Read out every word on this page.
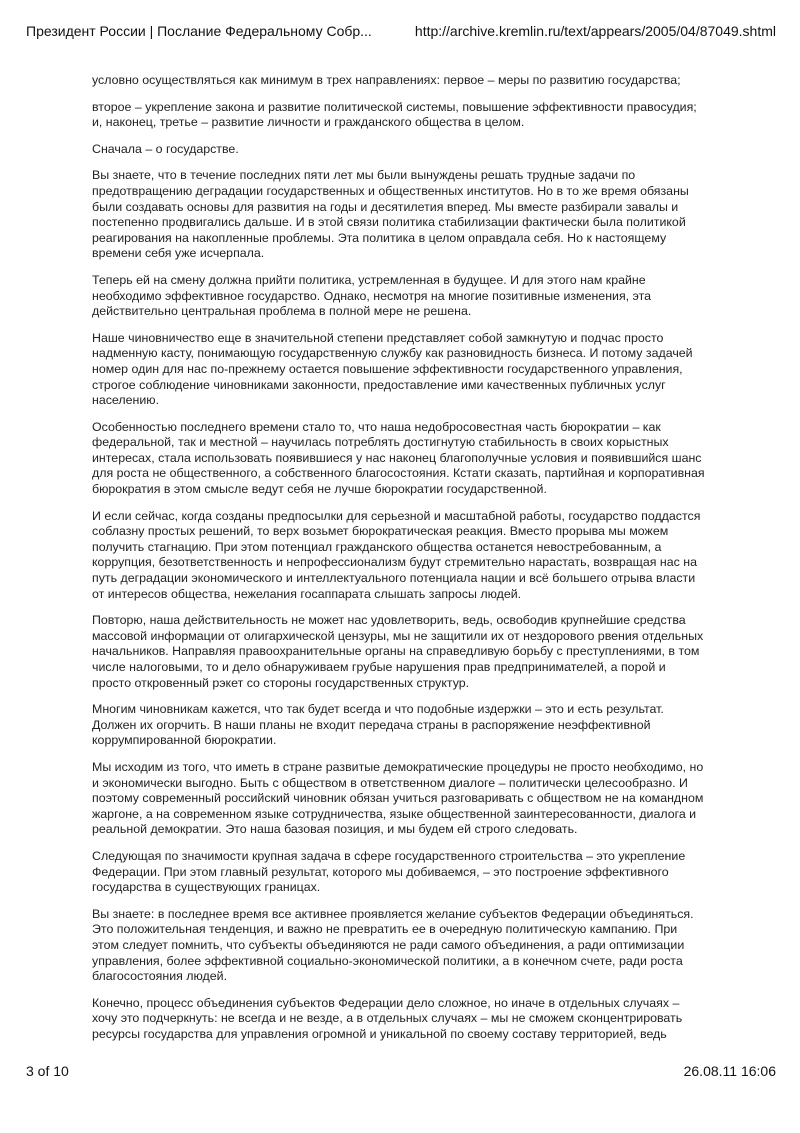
Президент России | Послание Федеральному Собр...	http://archive.kremlin.ru/text/appears/2005/04/87049.shtml

условно осуществляться как минимум в трех направлениях: первое – меры по развитию государства;

второе – укрепление закона и развитие политической системы, повышение эффективности правосудия; и, наконец, третье – развитие личности и гражданского общества в целом.

Сначала – о государстве.

Вы знаете, что в течение последних пяти лет мы были вынуждены решать трудные задачи по предотвращению деградации государственных и общественных институтов. Но в то же время обязаны были создавать основы для развития на годы и десятилетия вперед. Мы вместе разбирали завалы и постепенно продвигались дальше. И в этой связи политика стабилизации фактически была политикой реагирования на накопленные проблемы. Эта политика в целом оправдала себя. Но к настоящему времени себя уже исчерпала.

Теперь ей на смену должна прийти политика, устремленная в будущее. И для этого нам крайне необходимо эффективное государство. Однако, несмотря на многие позитивные изменения, эта действительно центральная проблема в полной мере не решена.

Наше чиновничество еще в значительной степени представляет собой замкнутую и подчас просто надменную касту, понимающую государственную службу как разновидность бизнеса. И потому задачей номер один для нас по-прежнему остается повышение эффективности государственного управления, строгое соблюдение чиновниками законности, предоставление ими качественных публичных услуг населению.

Особенностью последнего времени стало то, что наша недобросовестная часть бюрократии – как федеральной, так и местной – научилась потреблять достигнутую стабильность в своих корыстных интересах, стала использовать появившиеся у нас наконец благополучные условия и появившийся шанс для роста не общественного, а собственного благосостояния. Кстати сказать, партийная и корпоративная бюрократия в этом смысле ведут себя не лучше бюрократии государственной.

И если сейчас, когда созданы предпосылки для серьезной и масштабной работы, государство поддастся соблазну простых решений, то верх возьмет бюрократическая реакция. Вместо прорыва мы можем получить стагнацию. При этом потенциал гражданского общества останется невостребованным, а коррупция, безответственность и непрофессионализм будут стремительно нарастать, возвращая нас на путь деградации экономического и интеллектуального потенциала нации и всё большего отрыва власти от интересов общества, нежелания госаппарата слышать запросы людей.

Повторю, наша действительность не может нас удовлетворить, ведь, освободив крупнейшие средства массовой информации от олигархической цензуры, мы не защитили их от нездорового рвения отдельных начальников. Направляя правоохранительные органы на справедливую борьбу с преступлениями, в том числе налоговыми, то и дело обнаруживаем грубые нарушения прав предпринимателей, а порой и просто откровенный рэкет со стороны государственных структур.

Многим чиновникам кажется, что так будет всегда и что подобные издержки – это и есть результат. Должен их огорчить. В наши планы не входит передача страны в распоряжение неэффективной коррумпированной бюрократии.

Мы исходим из того, что иметь в стране развитые демократические процедуры не просто необходимо, но и экономически выгодно. Быть с обществом в ответственном диалоге – политически целесообразно. И поэтому современный российский чиновник обязан учиться разговаривать с обществом не на командном жаргоне, а на современном языке сотрудничества, языке общественной заинтересованности, диалога и реальной демократии. Это наша базовая позиция, и мы будем ей строго следовать.

Следующая по значимости крупная задача в сфере государственного строительства – это укрепление Федерации. При этом главный результат, которого мы добиваемся, – это построение эффективного государства в существующих границах.

Вы знаете: в последнее время все активнее проявляется желание субъектов Федерации объединяться. Это положительная тенденция, и важно не превратить ее в очередную политическую кампанию. При этом следует помнить, что субъекты объединяются не ради самого объединения, а ради оптимизации управления, более эффективной социально-экономической политики, а в конечном счете, ради роста благосостояния людей.

Конечно, процесс объединения субъектов Федерации дело сложное, но иначе в отдельных случаях – хочу это подчеркнуть: не всегда и не везде, а в отдельных случаях – мы не сможем сконцентрировать ресурсы государства для управления огромной и уникальной по своему составу территорией, ведь

3 of 10	26.08.11 16:06
